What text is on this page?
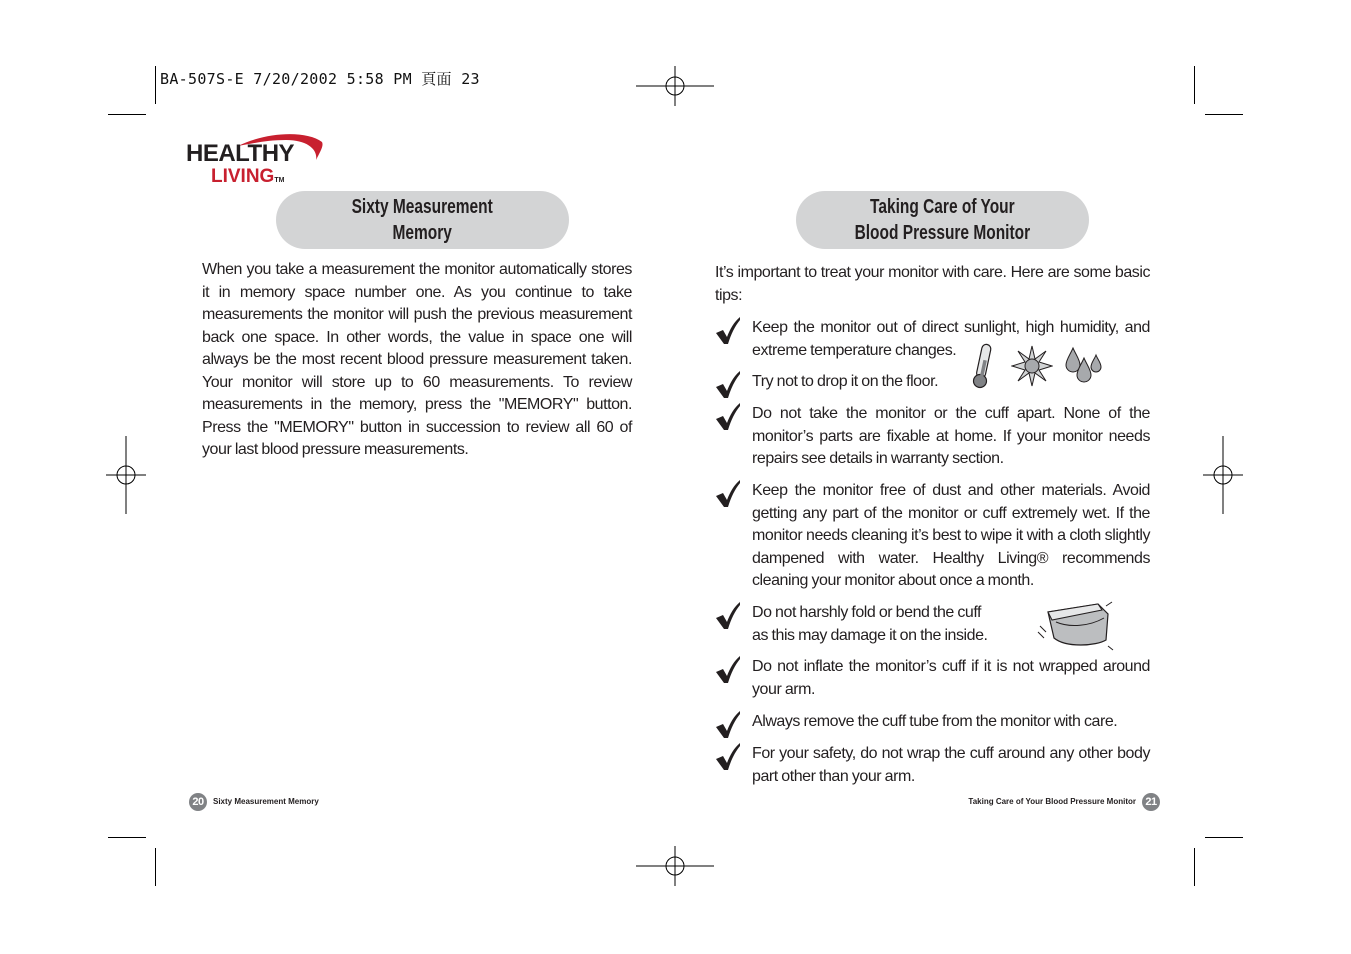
BA-507S-E 7/20/2002 5:58 PM 頁面 23
HEALTHY
LIVINGTM
Sixty Measurement
Memory
When you take a measurement the monitor automatically stores it in memory space number one. As you continue to take measurements the monitor will push the previous measurement back one space. In other words, the value in space one will always be the most recent blood pressure measurement taken. Your monitor will store up to 60 measurements. To review measurements in the memory, press the "MEMORY" button. Press the "MEMORY" button in succession to review all 60 of your last blood pressure measurements.
20	Sixty Measurement Memory
Taking Care of Your
Blood Pressure Monitor
It’s important to treat your monitor with care. Here are some basic tips:
Keep the monitor out of direct sunlight, high humidity, and extreme temperature changes.
Try not to drop it on the floor.
Do not take the monitor or the cuff apart. None of the monitor’s parts are fixable at home. If your monitor needs repairs see details in warranty section.
Keep the monitor free of dust and other materials. Avoid getting any part of the monitor or cuff extremely wet. If the monitor needs cleaning it’s best to wipe it with a cloth slightly dampened with water. Healthy Living® recommends cleaning your monitor about once a month.
Do not harshly fold or bend the cuff as this may damage it on the inside.
Do not inflate the monitor’s cuff if it is not wrapped around your arm.
Always remove the cuff tube from the monitor with care.
For your safety, do not wrap the cuff around any other body part other than your arm.
Taking Care of Your Blood Pressure Monitor 21
